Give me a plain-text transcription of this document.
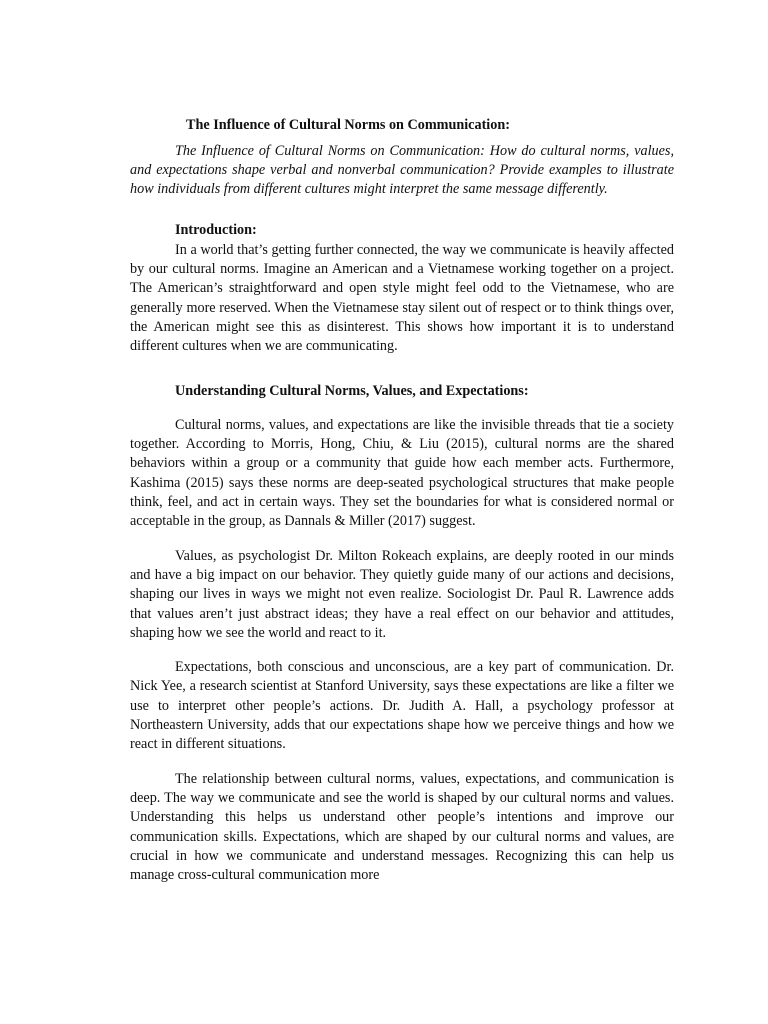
The Influence of Cultural Norms on Communication:

The Influence of Cultural Norms on Communication: How do cultural norms, values, and expectations shape verbal and nonverbal communication? Provide examples to illustrate how individuals from different cultures might interpret the same message differently.

Introduction:

In a world that’s getting further connected, the way we communicate is heavily affected by our cultural norms. Imagine an American and a Vietnamese working together on a project. The American’s straightforward and open style might feel odd to the Vietnamese, who are generally more reserved. When the Vietnamese stay silent out of respect or to think things over, the American might see this as disinterest. This shows how important it is to understand different cultures when we are communicating.

Understanding Cultural Norms, Values, and Expectations:

Cultural norms, values, and expectations are like the invisible threads that tie a society together. According to Morris, Hong, Chiu, & Liu (2015), cultural norms are the shared behaviors within a group or a community that guide how each member acts. Furthermore, Kashima (2015) says these norms are deep-seated psychological structures that make people think, feel, and act in certain ways. They set the boundaries for what is considered normal or acceptable in the group, as Dannals & Miller (2017) suggest.

Values, as psychologist Dr. Milton Rokeach explains, are deeply rooted in our minds and have a big impact on our behavior. They quietly guide many of our actions and decisions, shaping our lives in ways we might not even realize. Sociologist Dr. Paul R. Lawrence adds that values aren’t just abstract ideas; they have a real effect on our behavior and attitudes, shaping how we see the world and react to it.

Expectations, both conscious and unconscious, are a key part of communication. Dr. Nick Yee, a research scientist at Stanford University, says these expectations are like a filter we use to interpret other people’s actions. Dr. Judith A. Hall, a psychology professor at Northeastern University, adds that our expectations shape how we perceive things and how we react in different situations.

The relationship between cultural norms, values, expectations, and communication is deep. The way we communicate and see the world is shaped by our cultural norms and values. Understanding this helps us understand other people’s intentions and improve our communication skills. Expectations, which are shaped by our cultural norms and values, are crucial in how we communicate and understand messages. Recognizing this can help us manage cross-cultural communication more
